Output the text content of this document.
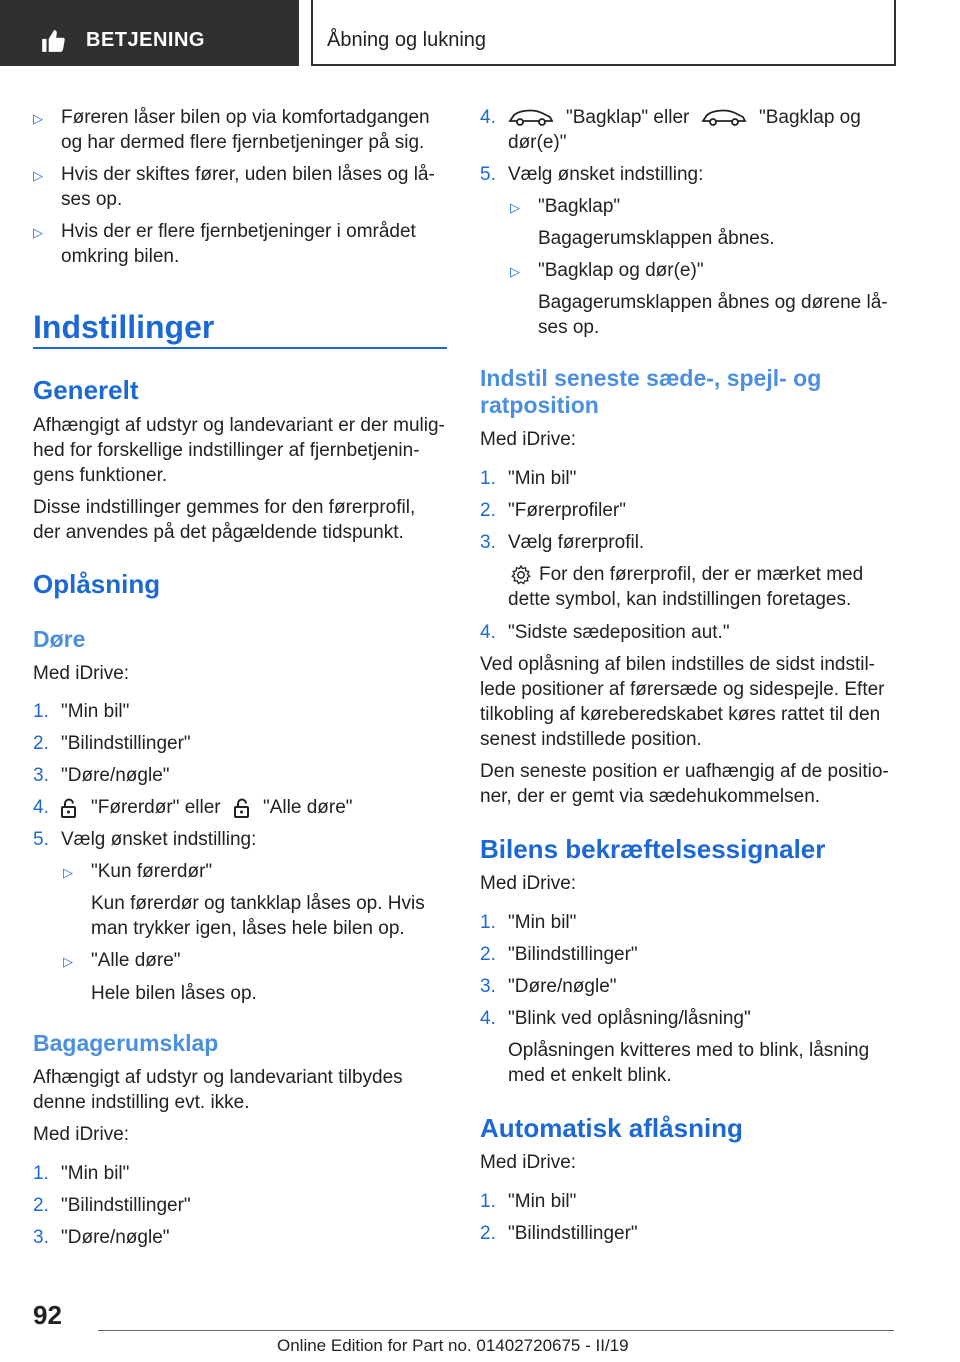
BETJENING	Åbning og lukning
▷ Føreren låser bilen op via komfortadgangen
og har dermed flere fjernbetjeninger på sig.
▷ Hvis der skiftes fører, uden bilen låses og lå-
ses op.
▷ Hvis der er flere fjernbetjeninger i området
omkring bilen.
Indstillinger
Generelt
Afhængigt af udstyr og landevariant er der mulig-
hed for forskellige indstillinger af fjernbetjenin-
gens funktioner.
Disse indstillinger gemmes for den førerprofil,
der anvendes på det pågældende tidspunkt.
Oplåsning
Døre
Med iDrive:
1. "Min bil"
2. "Bilindstillinger"
3. "Døre/nøgle"
4. "Førerdør" eller "Alle døre"
5. Vælg ønsket indstilling:
▷ "Kun førerdør"
Kun førerdør og tankklap låses op. Hvis
man trykker igen, låses hele bilen op.
▷ "Alle døre"
Hele bilen låses op.
Bagagerumsklap
Afhængigt af udstyr og landevariant tilbydes
denne indstilling evt. ikke.
Med iDrive:
1. "Min bil"
2. "Bilindstillinger"
3. "Døre/nøgle"
4.	"Bagklap" eller	"Bagklap og
dør(e)"
5. Vælg ønsket indstilling:
▷ "Bagklap"
Bagagerumsklappen åbnes.
▷ "Bagklap og dør(e)"
Bagagerumsklappen åbnes og dørene lå-
ses op.
Indstil seneste sæde-, spejl- og
ratposition
Med iDrive:
1. "Min bil"
2. "Førerprofiler"
3. Vælg førerprofil.
For den førerprofil, der er mærket med
dette symbol, kan indstillingen foretages.
4. "Sidste sædeposition aut."
Ved oplåsning af bilen indstilles de sidst indstil-
lede positioner af førersæde og sidespejle. Efter
tilkobling af køreberedskabet køres rattet til den
senest indstillede position.
Den seneste position er uafhængig af de positio-
ner, der er gemt via sædehukommelsen.
Bilens bekræftelsessignaler
Med iDrive:
1. "Min bil"
2. "Bilindstillinger"
3. "Døre/nøgle"
4. "Blink ved oplåsning/låsning"
Oplåsningen kvitteres med to blink, låsning
med et enkelt blink.
Automatisk aflåsning
Med iDrive:
1. "Min bil"
2. "Bilindstillinger"
92
Online Edition for Part no. 01402720675 - II/19
